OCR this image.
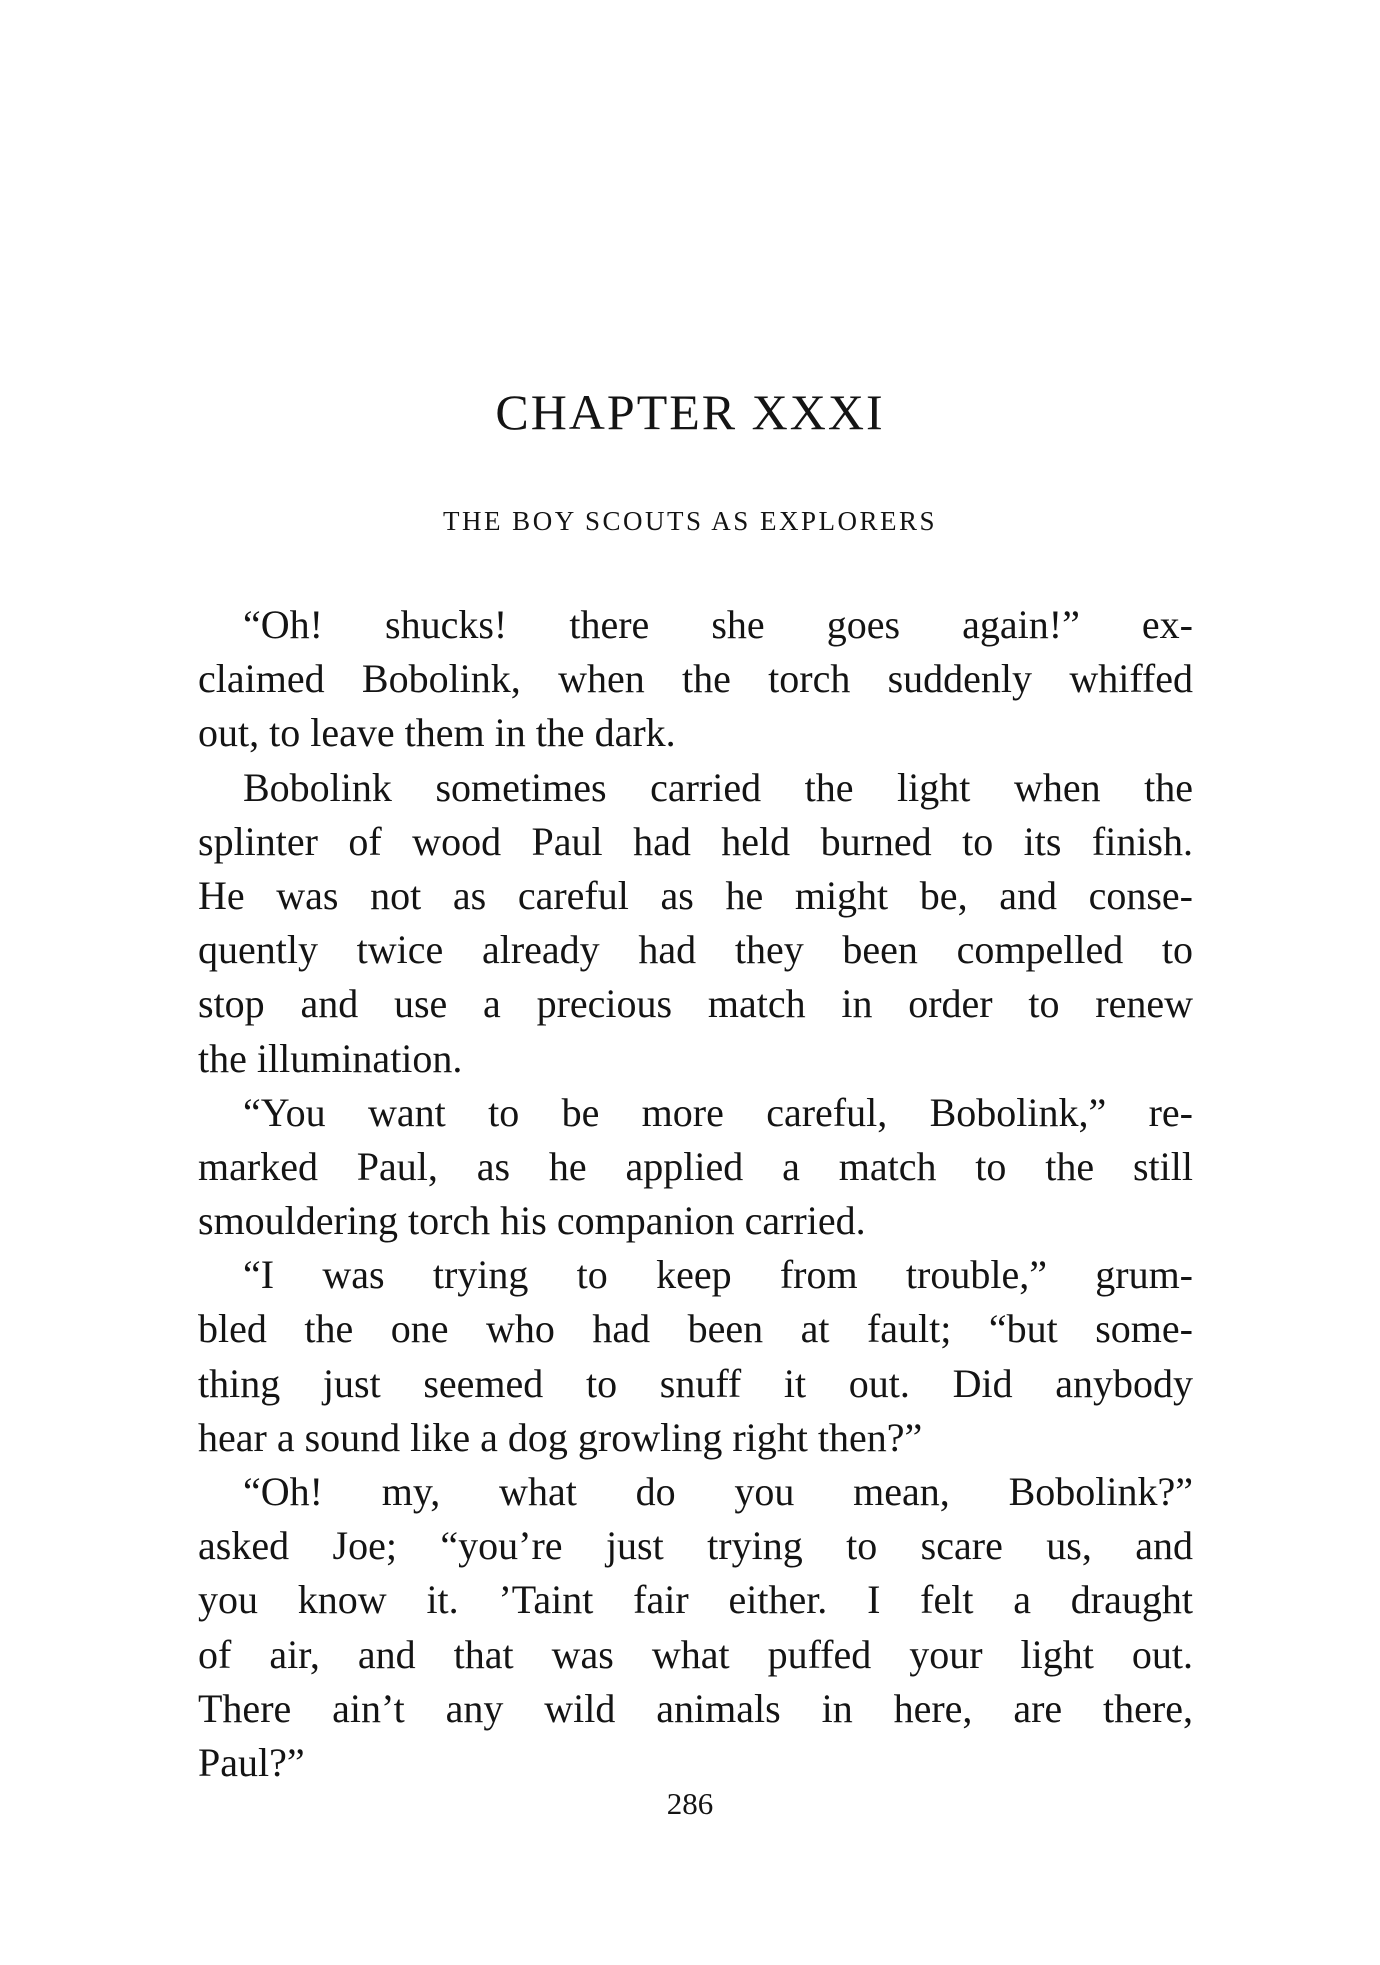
CHAPTER XXXI
THE BOY SCOUTS AS EXPLORERS
“Oh! shucks! there she goes again!” ex-
claimed Bobolink, when the torch suddenly whiffed
out, to leave them in the dark.
Bobolink sometimes carried the light when the
splinter of wood Paul had held burned to its finish.
He was not as careful as he might be, and conse-
quently twice already had they been compelled to
stop and use a precious match in order to renew
the illumination.
“You want to be more careful, Bobolink,” re-
marked Paul, as he applied a match to the still
smouldering torch his companion carried.
“I was trying to keep from trouble,” grum-
bled the one who had been at fault; “but some-
thing just seemed to snuff it out. Did anybody
hear a sound like a dog growling right then?”
“Oh! my, what do you mean, Bobolink?”
asked Joe; “you’re just trying to scare us, and
you know it. ’Taint fair either. I felt a draught
of air, and that was what puffed your light out.
There ain’t any wild animals in here, are there,
Paul?”
286
